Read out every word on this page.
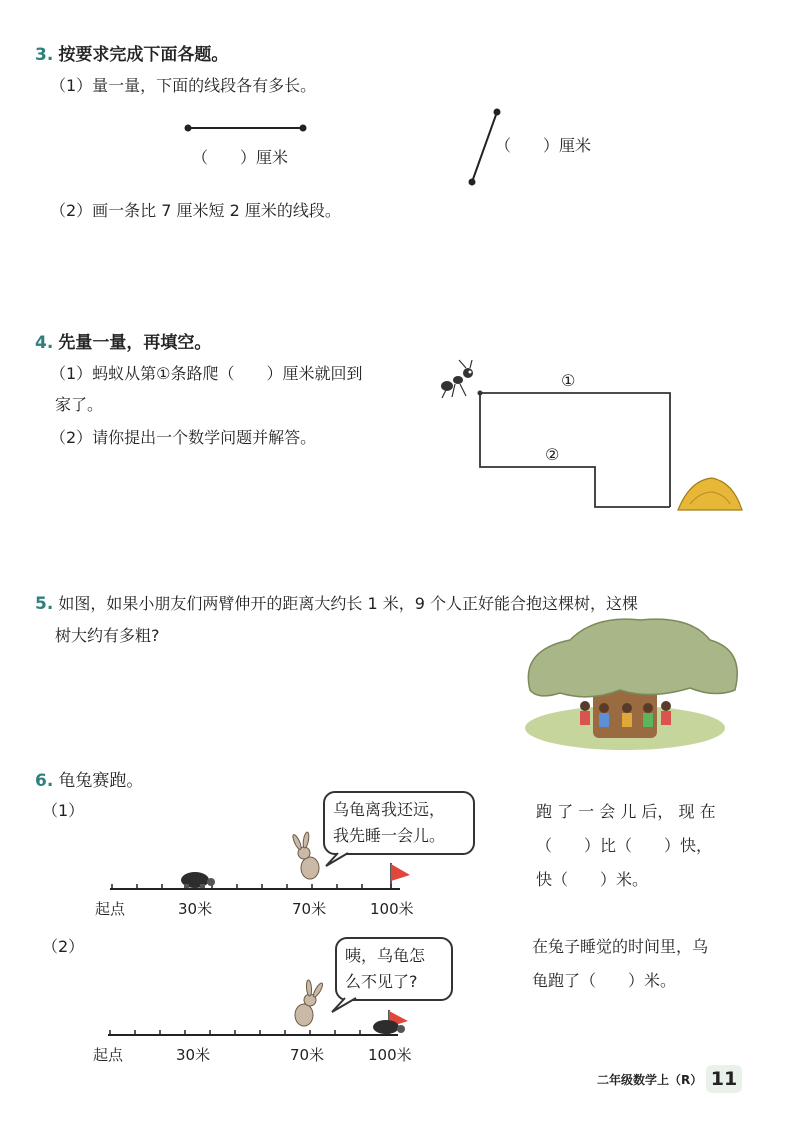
3. 按要求完成下面各题。
（1）量一量，下面的线段各有多长。
（　　）厘米
（　　）厘米
（2）画一条比 7 厘米短 2 厘米的线段。
4. 先量一量，再填空。
（1）蚂蚁从第①条路爬（　　）厘米就回到
家了。
（2）请你提出一个数学问题并解答。
①
②
5. 如图，如果小朋友们两臂伸开的距离大约长 1 米，9 个人正好能合抱这棵树，这棵
树大约有多粗?
6. 龟兔赛跑。
（1）	乌龟离我还远，
我先睡一会儿。
起点	30米	70米	100米
跑 了 一 会 儿 后， 现 在
（　　）比（　　）快，
快（　　）米。
（2）	咦，乌龟怎
么不见了?
起点	30米	70米	100米
在兔子睡觉的时间里，乌
龟跑了（　　）米。
二年级数学上（R） 11
